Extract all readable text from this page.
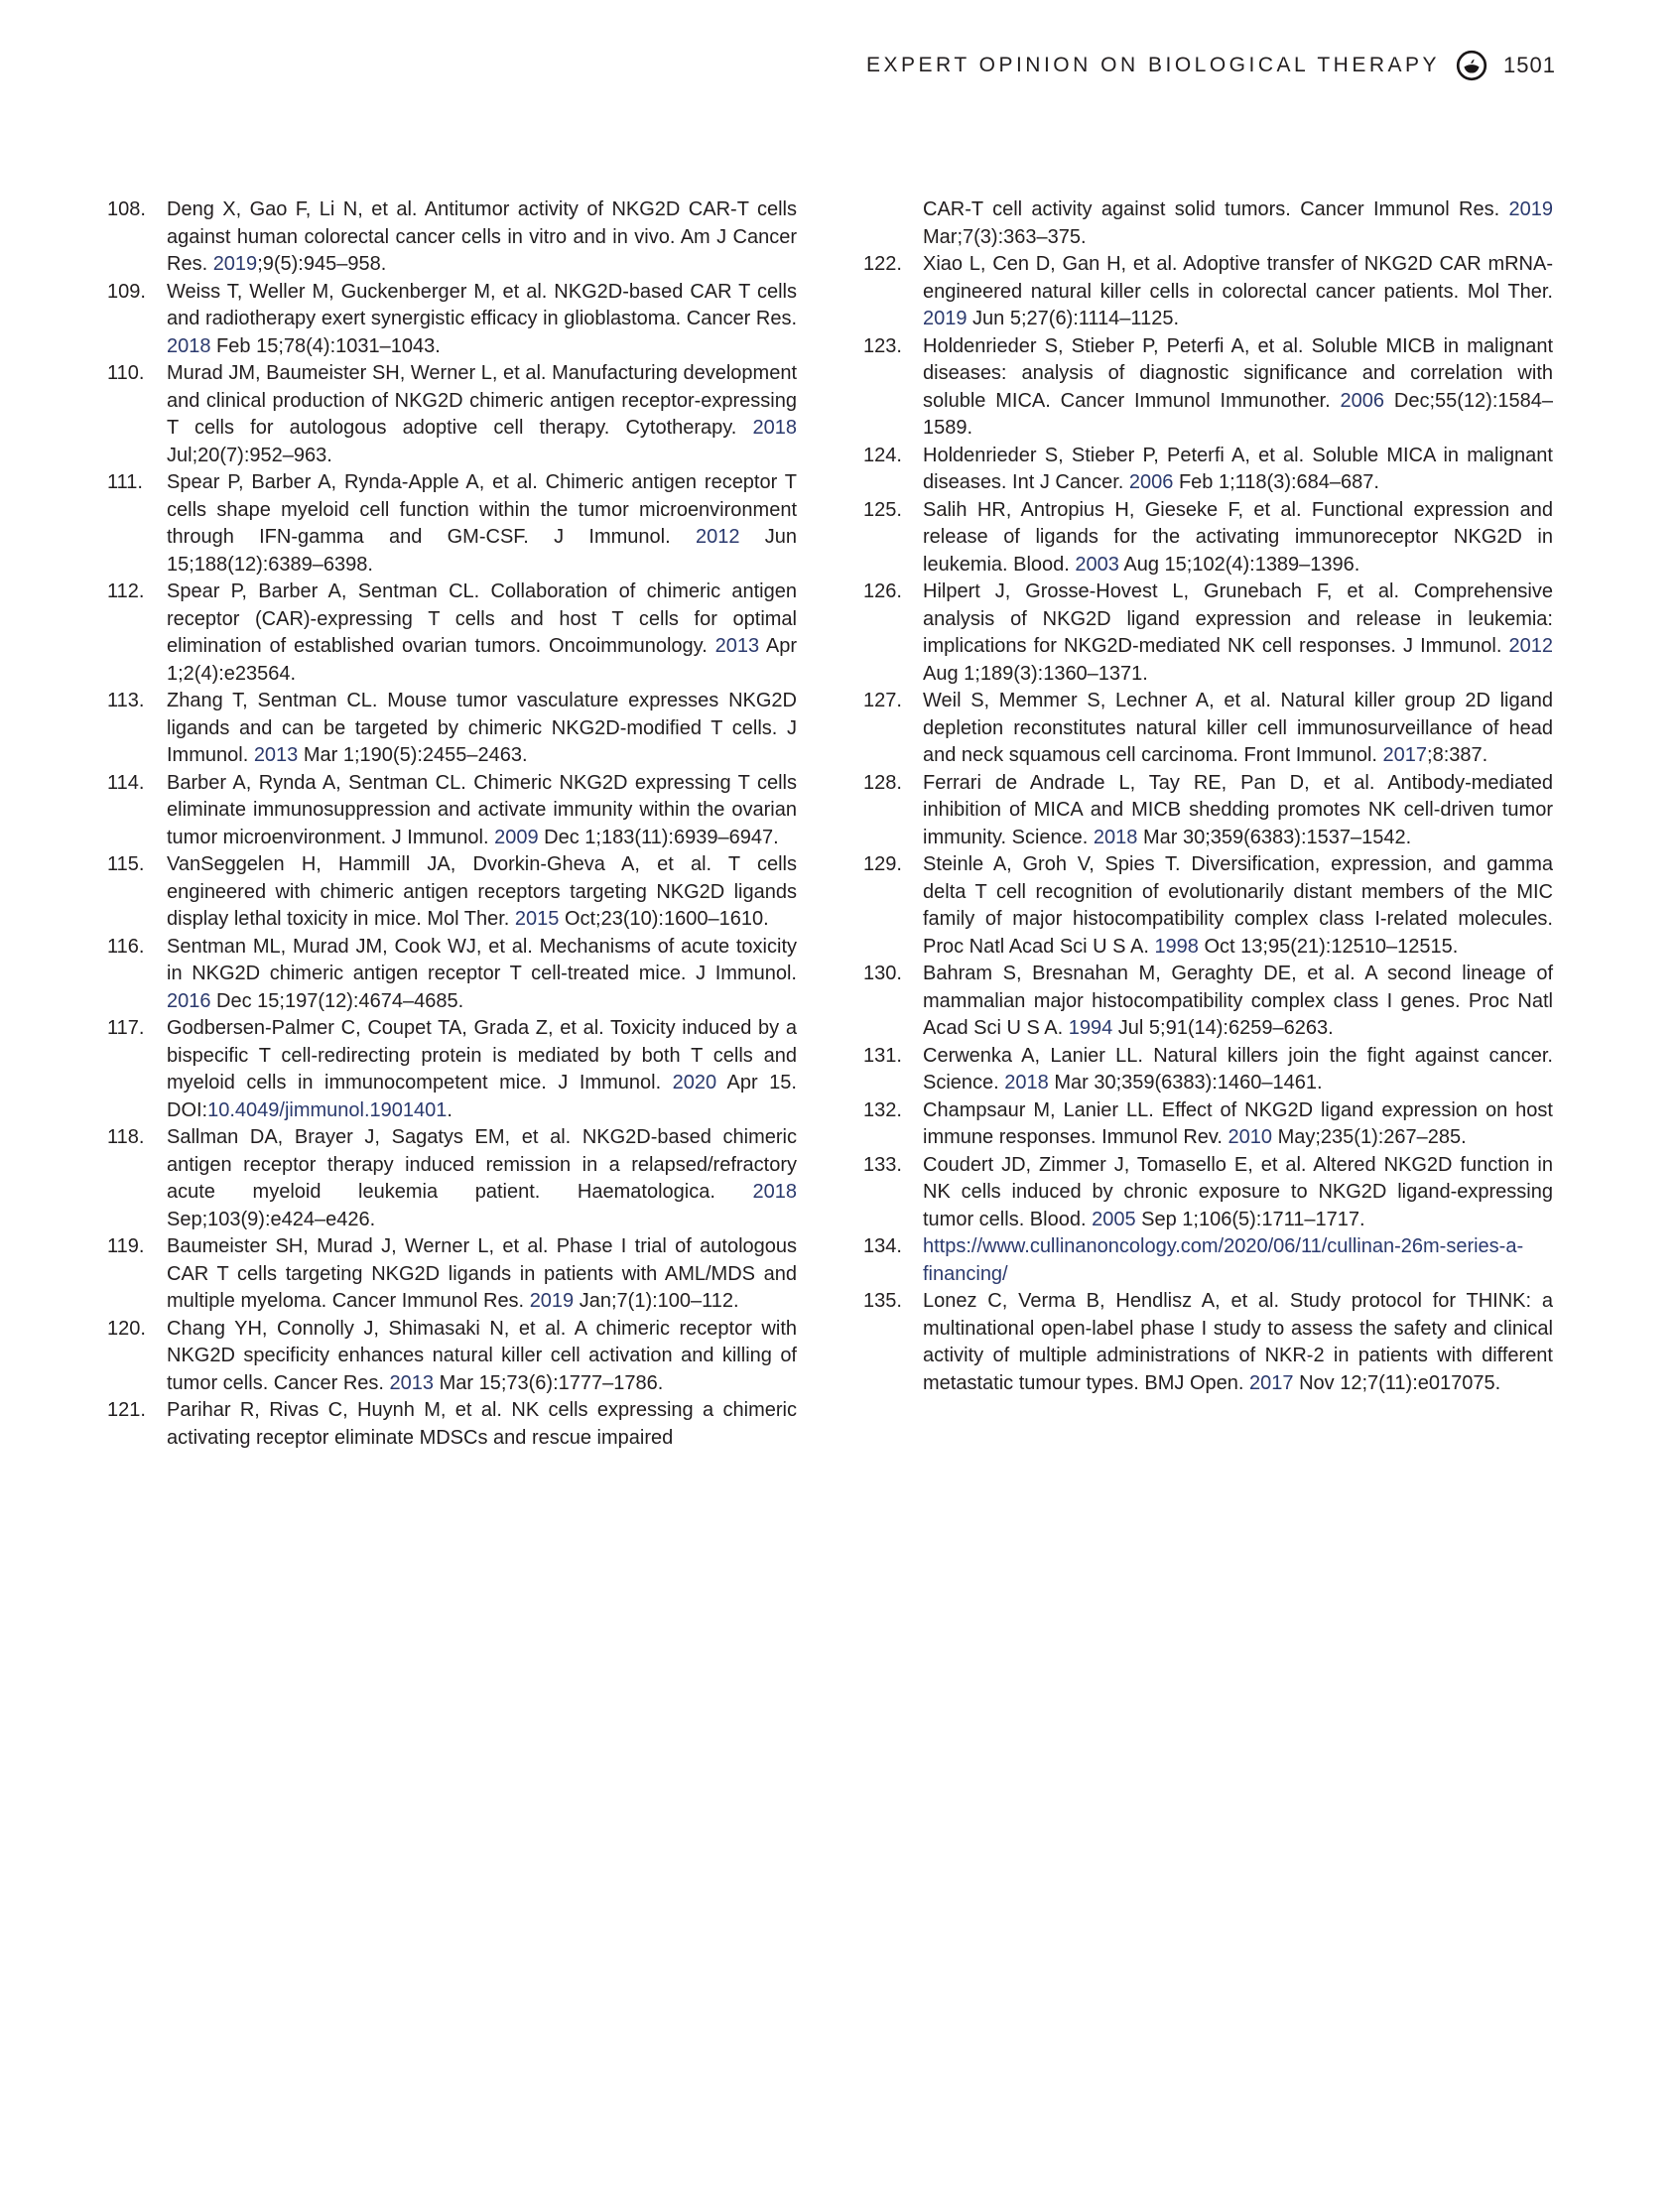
EXPERT OPINION ON BIOLOGICAL THERAPY	1501
108.	Deng X, Gao F, Li N, et al. Antitumor activity of NKG2D CAR-T cells against human colorectal cancer cells in vitro and in vivo. Am J Cancer Res. 2019;9(5):945–958.

109.	Weiss T, Weller M, Guckenberger M, et al. NKG2D-based CAR T cells and radiotherapy exert synergistic efficacy in glioblastoma. Cancer Res. 2018 Feb 15;78(4):1031–1043.

110.	Murad JM, Baumeister SH, Werner L, et al. Manufacturing development and clinical production of NKG2D chimeric antigen receptor-expressing T cells for autologous adoptive cell therapy. Cytotherapy. 2018 Jul;20(7):952–963.

111.	Spear P, Barber A, Rynda-Apple A, et al. Chimeric antigen receptor T cells shape myeloid cell function within the tumor microenvironment through IFN-gamma and GM-CSF. J Immunol. 2012 Jun 15;188(12):6389–6398.

112.	Spear P, Barber A, Sentman CL. Collaboration of chimeric antigen receptor (CAR)-expressing T cells and host T cells for optimal elimination of established ovarian tumors. Oncoimmunology. 2013 Apr 1;2(4):e23564.

113.	Zhang T, Sentman CL. Mouse tumor vasculature expresses NKG2D ligands and can be targeted by chimeric NKG2D-modified T cells. J Immunol. 2013 Mar 1;190(5):2455–2463.

114.	Barber A, Rynda A, Sentman CL. Chimeric NKG2D expressing T cells eliminate immunosuppression and activate immunity within the ovarian tumor microenvironment. J Immunol. 2009 Dec 1;183(11):6939–6947.

115.	VanSeggelen H, Hammill JA, Dvorkin-Gheva A, et al. T cells engineered with chimeric antigen receptors targeting NKG2D ligands display lethal toxicity in mice. Mol Ther. 2015 Oct;23(10):1600–1610.

116.	Sentman ML, Murad JM, Cook WJ, et al. Mechanisms of acute toxicity in NKG2D chimeric antigen receptor T cell-treated mice. J Immunol. 2016 Dec 15;197(12):4674–4685.

117.	Godbersen-Palmer C, Coupet TA, Grada Z, et al. Toxicity induced by a bispecific T cell-redirecting protein is mediated by both T cells and myeloid cells in immunocompetent mice. J Immunol. 2020 Apr 15. DOI:10.4049/jimmunol.1901401.

118.	Sallman DA, Brayer J, Sagatys EM, et al. NKG2D-based chimeric antigen receptor therapy induced remission in a relapsed/refractory acute myeloid leukemia patient. Haematologica. 2018 Sep;103(9):e424–e426.

119.	Baumeister SH, Murad J, Werner L, et al. Phase I trial of autologous CAR T cells targeting NKG2D ligands in patients with AML/MDS and multiple myeloma. Cancer Immunol Res. 2019 Jan;7(1):100–112.

120.	Chang YH, Connolly J, Shimasaki N, et al. A chimeric receptor with NKG2D specificity enhances natural killer cell activation and killing of tumor cells. Cancer Res. 2013 Mar 15;73(6):1777–1786.

121.	Parihar R, Rivas C, Huynh M, et al. NK cells expressing a chimeric activating receptor eliminate MDSCs and rescue impaired

CAR-T cell activity against solid tumors. Cancer Immunol Res. 2019 Mar;7(3):363–375.

122.	Xiao L, Cen D, Gan H, et al. Adoptive transfer of NKG2D CAR mRNA-engineered natural killer cells in colorectal cancer patients. Mol Ther. 2019 Jun 5;27(6):1114–1125.

123.	Holdenrieder S, Stieber P, Peterfi A, et al. Soluble MICB in malignant diseases: analysis of diagnostic significance and correlation with soluble MICA. Cancer Immunol Immunother. 2006 Dec;55(12):1584–1589.

124.	Holdenrieder S, Stieber P, Peterfi A, et al. Soluble MICA in malignant diseases. Int J Cancer. 2006 Feb 1;118(3):684–687.

125.	Salih HR, Antropius H, Gieseke F, et al. Functional expression and release of ligands for the activating immunoreceptor NKG2D in leukemia. Blood. 2003 Aug 15;102(4):1389–1396.

126.	Hilpert J, Grosse-Hovest L, Grunebach F, et al. Comprehensive analysis of NKG2D ligand expression and release in leukemia: implications for NKG2D-mediated NK cell responses. J Immunol. 2012 Aug 1;189(3):1360–1371.

127.	Weil S, Memmer S, Lechner A, et al. Natural killer group 2D ligand depletion reconstitutes natural killer cell immunosurveillance of head and neck squamous cell carcinoma. Front Immunol. 2017;8:387.

128.	Ferrari de Andrade L, Tay RE, Pan D, et al. Antibody-mediated inhibition of MICA and MICB shedding promotes NK cell-driven tumor immunity. Science. 2018 Mar 30;359(6383):1537–1542.

129.	Steinle A, Groh V, Spies T. Diversification, expression, and gamma delta T cell recognition of evolutionarily distant members of the MIC family of major histocompatibility complex class I-related molecules. Proc Natl Acad Sci U S A. 1998 Oct 13;95(21):12510–12515.

130.	Bahram S, Bresnahan M, Geraghty DE, et al. A second lineage of mammalian major histocompatibility complex class I genes. Proc Natl Acad Sci U S A. 1994 Jul 5;91(14):6259–6263.

131.	Cerwenka A, Lanier LL. Natural killers join the fight against cancer. Science. 2018 Mar 30;359(6383):1460–1461.

132.	Champsaur M, Lanier LL. Effect of NKG2D ligand expression on host immune responses. Immunol Rev. 2010 May;235(1):267–285.

133.	Coudert JD, Zimmer J, Tomasello E, et al. Altered NKG2D function in NK cells induced by chronic exposure to NKG2D ligand-expressing tumor cells. Blood. 2005 Sep 1;106(5):1711–1717.

134.	https://www.cullinanoncology.com/2020/06/11/cullinan-26m-series-a-financing/

135.	Lonez C, Verma B, Hendlisz A, et al. Study protocol for THINK: a multinational open-label phase I study to assess the safety and clinical activity of multiple administrations of NKR-2 in patients with different metastatic tumour types. BMJ Open. 2017 Nov 12;7(11):e017075.
